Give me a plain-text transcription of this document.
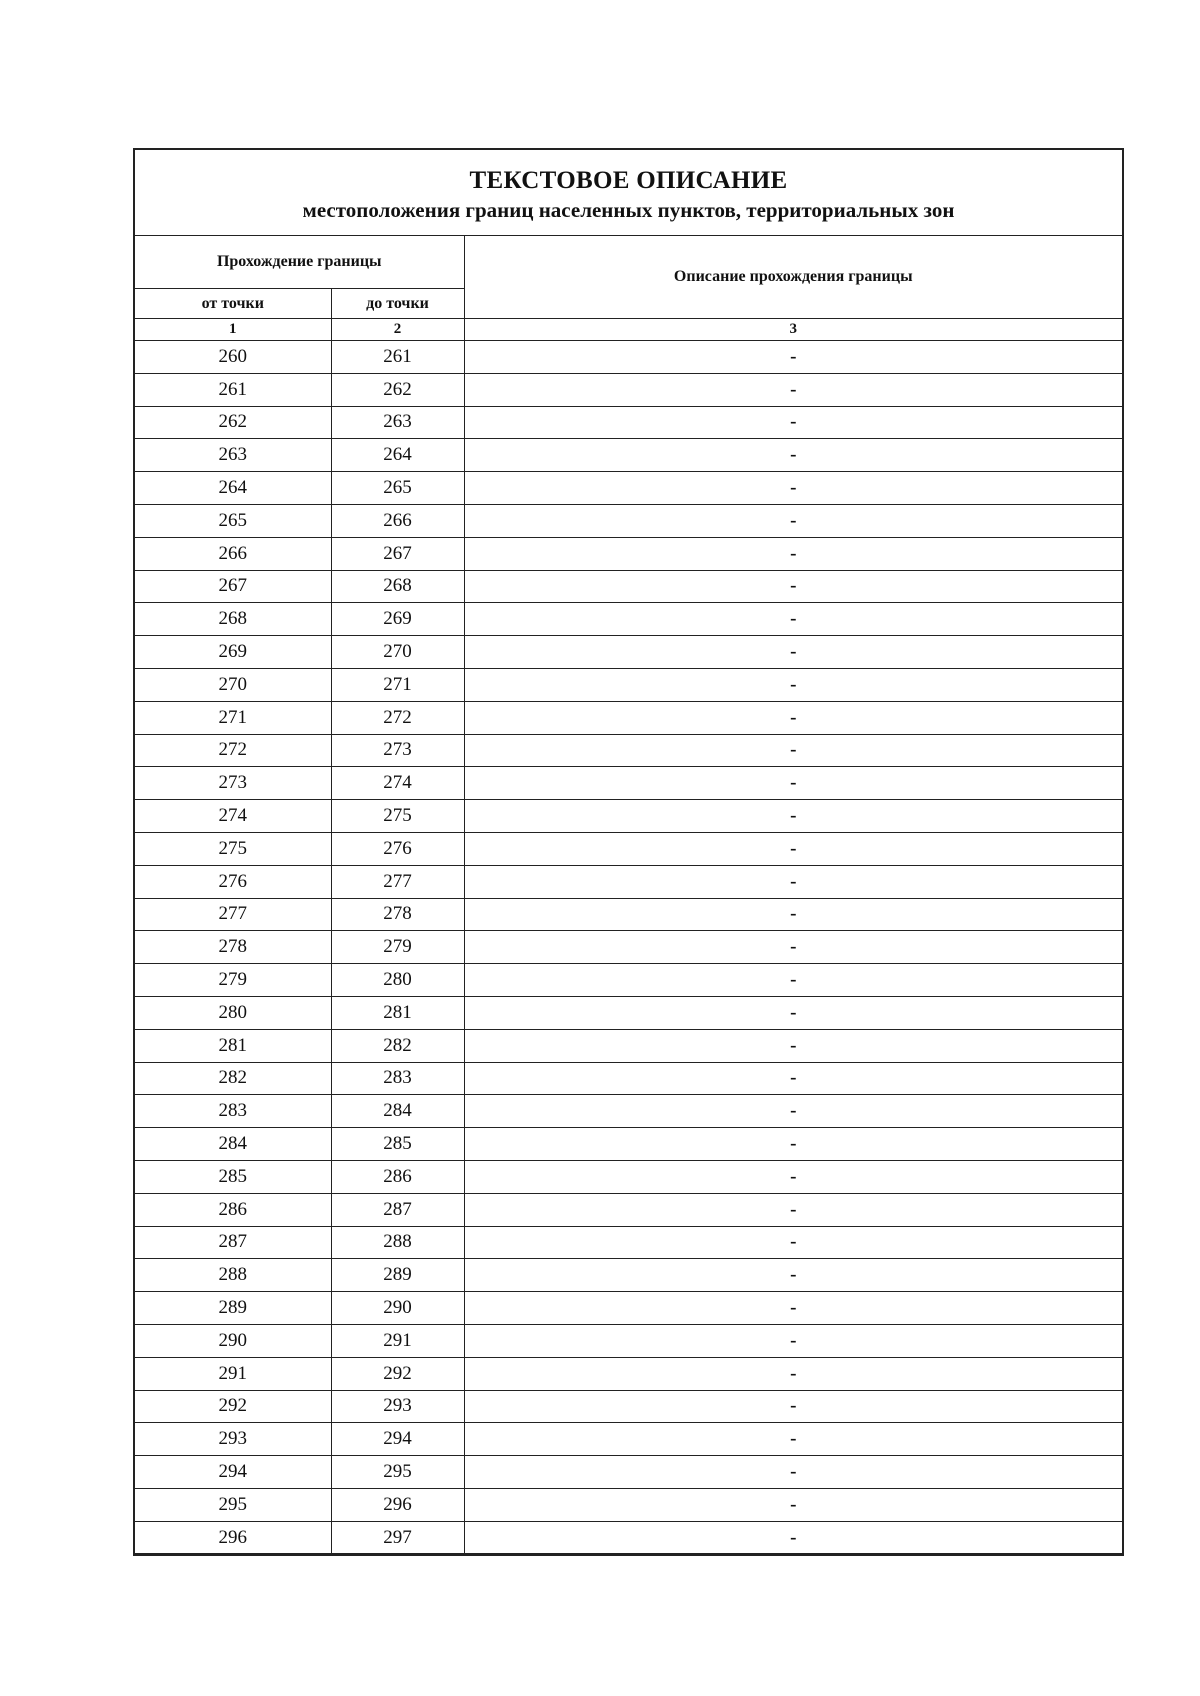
ТЕКСТОВОЕ ОПИСАНИЕ
местоположения границ населенных пунктов, территориальных зон
Прохождение границы		Описание прохождения границы
от точки	до точки	
1	2	3
260	261	-
261	262	-
262	263	-
263	264	-
264	265	-
265	266	-
266	267	-
267	268	-
268	269	-
269	270	-
270	271	-
271	272	-
272	273	-
273	274	-
274	275	-
275	276	-
276	277	-
277	278	-
278	279	-
279	280	-
280	281	-
281	282	-
282	283	-
283	284	-
284	285	-
285	286	-
286	287	-
287	288	-
288	289	-
289	290	-
290	291	-
291	292	-
292	293	-
293	294	-
294	295	-
295	296	-
296	297	-
